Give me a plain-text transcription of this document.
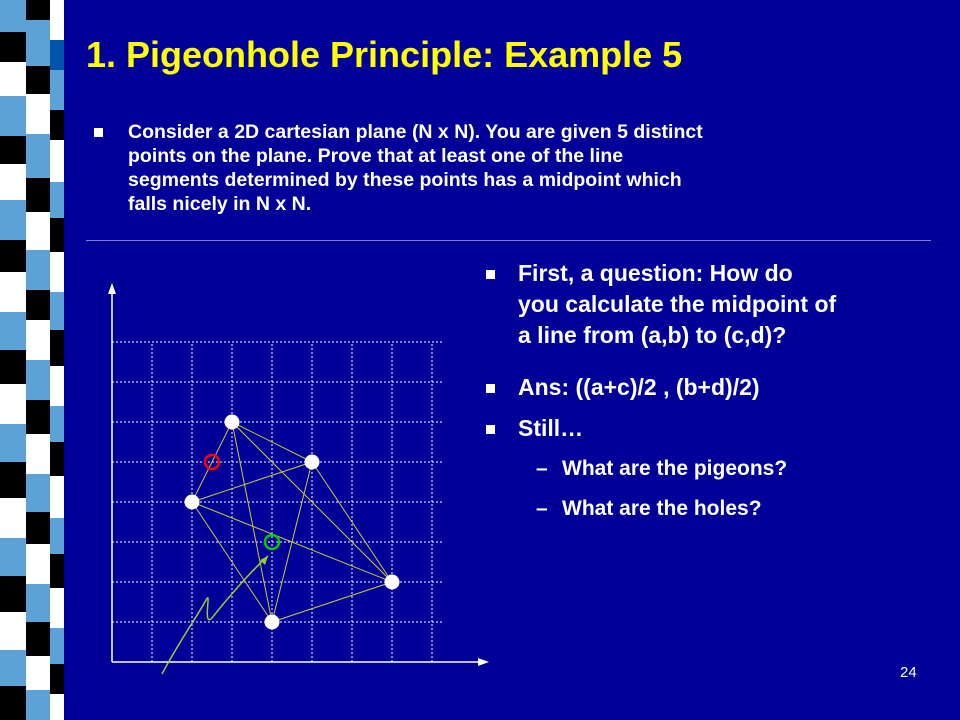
1. Pigeonhole Principle: Example 5
Consider a 2D cartesian plane (N x N). You are given 5 distinct
points on the plane. Prove that at least one of the line
segments determined by these points has a midpoint which
falls nicely in N x N.
First, a question: How do
you calculate the midpoint of
a line from (a,b) to (c,d)?
Ans: ((a+c)/2 , (b+d)/2)
Still…
– What are the pigeons?
– What are the holes?
24
